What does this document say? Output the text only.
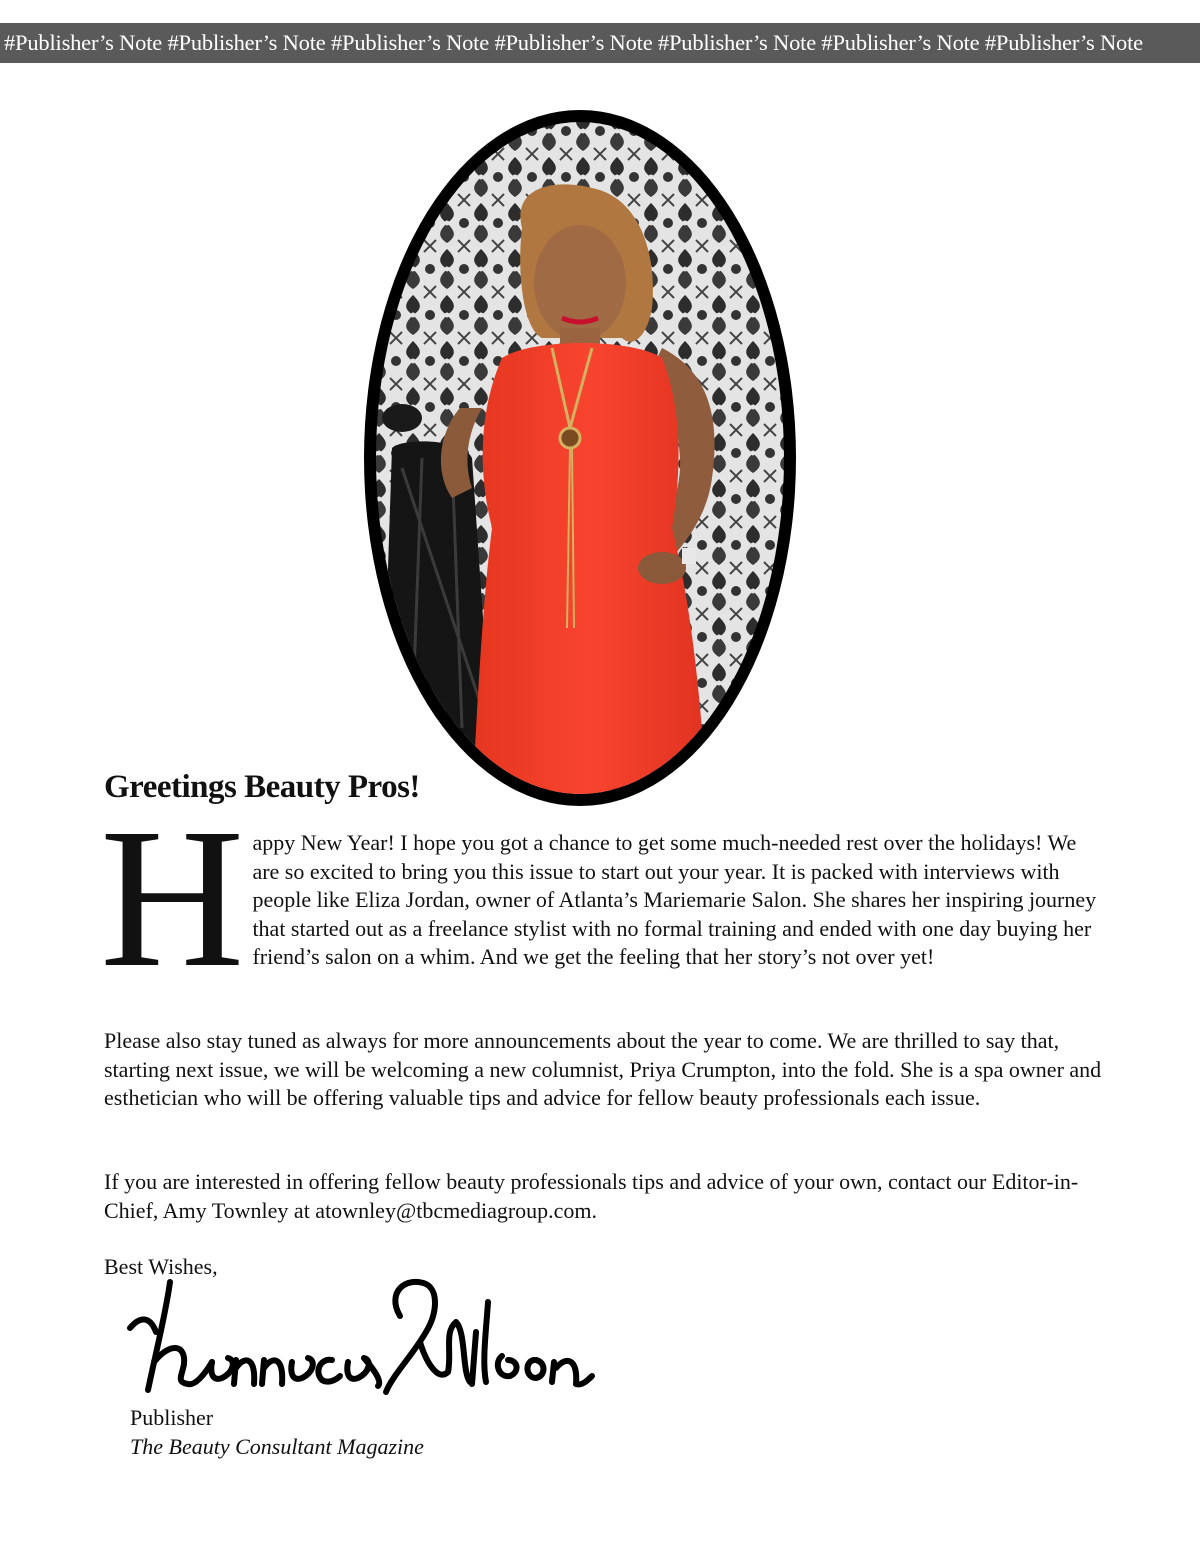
#Publisher’s Note #Publisher’s Note #Publisher’s Note #Publisher’s Note #Publisher’s Note #Publisher’s Note #Publisher’s Note
Greetings Beauty Pros!
H appy New Year! I hope you got a chance to get some much-needed rest over the holidays! We are so excited to bring you this issue to start out your year. It is packed with interviews with people like Eliza Jordan, owner of Atlanta’s Mariemarie Salon. She shares her inspiring journey that started out as a freelance stylist with no formal training and ended with one day buying her friend’s salon on a whim. And we get the feeling that her story’s not over yet!

Please also stay tuned as always for more announcements about the year to come. We are thrilled to say that, starting next issue, we will be welcoming a new columnist, Priya Crumpton, into the fold. She is a spa owner and esthetician who will be offering valuable tips and advice for fellow beauty professionals each issue.

If you are interested in offering fellow beauty professionals tips and advice of your own, contact our Editor-in-Chief, Amy Townley at atownley@tbcmediagroup.com.

Best Wishes,
Publisher
The Beauty Consultant Magazine
